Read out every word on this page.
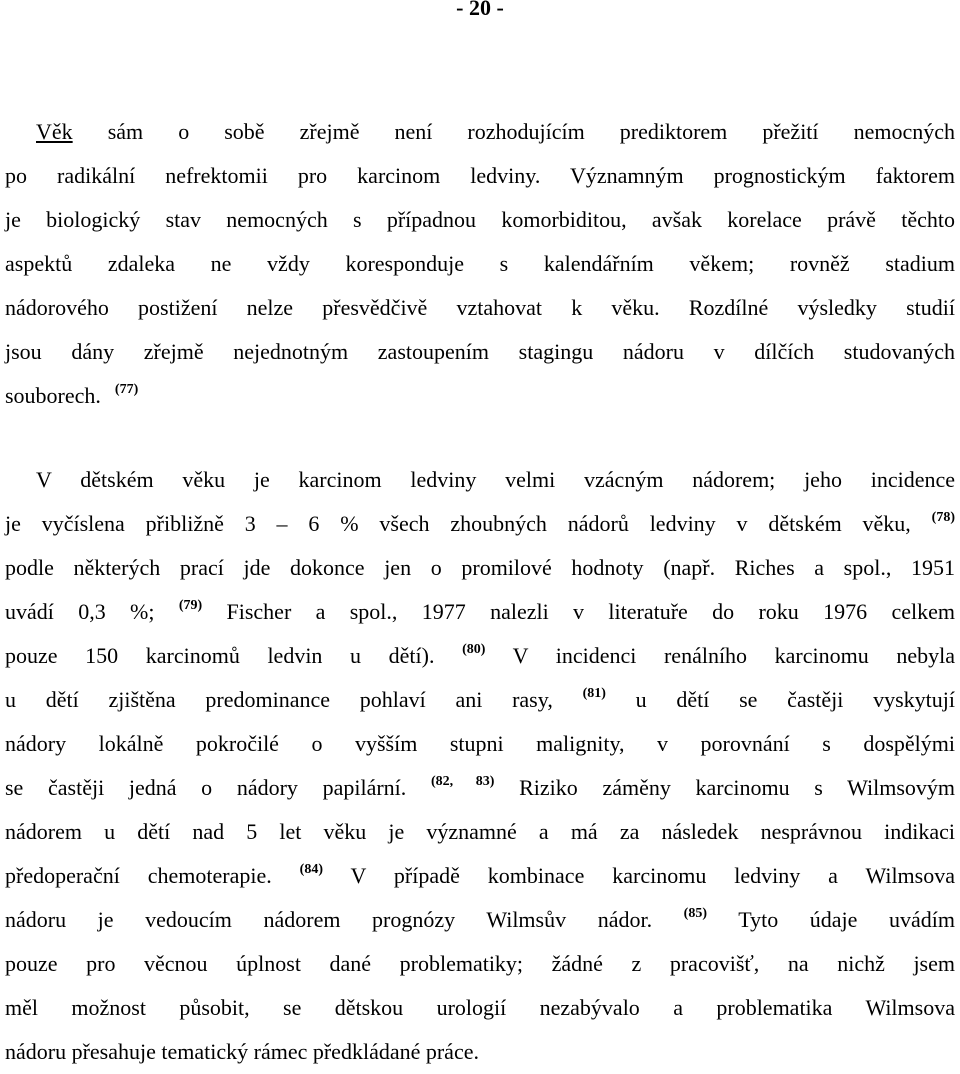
- 20 -
Věk sám o sobě zřejmě není rozhodujícím prediktorem přežití nemocných
po radikální nefrektomii pro karcinom ledviny. Významným prognostickým faktorem
je biologický stav nemocných s případnou komorbiditou, avšak korelace právě těchto
aspektů zdaleka ne vždy koresponduje s kalendářním věkem; rovněž stadium
nádorového postižení nelze přesvědčivě vztahovat k věku. Rozdílné výsledky studií
jsou dány zřejmě nejednotným zastoupením stagingu nádoru v dílčích studovaných
souborech. $^{(77)}$
V dětském věku je karcinom ledviny velmi vzácným nádorem; jeho incidence
je vyčíslena přibližně 3 – 6 % všech zhoubných nádorů ledviny v dětském věku, $^{(78)}$
podle některých prací jde dokonce jen o promilové hodnoty (např. Riches a spol., 1951
uvádí 0,3 %; $^{(79)}$ Fischer a spol., 1977 nalezli v literatuře do roku 1976 celkem
pouze 150 karcinomů ledvin u dětí). $^{(80)}$ V incidenci renálního karcinomu nebyla
u dětí zjištěna predominance pohlaví ani rasy, $^{(81)}$ u dětí se častěji vyskytují
nádory lokálně pokročilé o vyšším stupni malignity, v porovnání s dospělými
se častěji jedná o nádory papilární. $^{(82, 83)}$ Riziko záměny karcinomu s Wilmsovým
nádorem u dětí nad 5 let věku je významné a má za následek nesprávnou indikaci
předoperační chemoterapie. $^{(84)}$ V případě kombinace karcinomu ledviny a Wilmsova
nádoru je vedoucím nádorem prognózy Wilmsův nádor. $^{(85)}$ Tyto údaje uvádím
pouze pro věcnou úplnost dané problematiky; žádné z pracovišť, na nichž jsem
měl možnost působit, se dětskou urologií nezabývalo a problematika Wilmsova
nádoru přesahuje tematický rámec předkládané práce.
